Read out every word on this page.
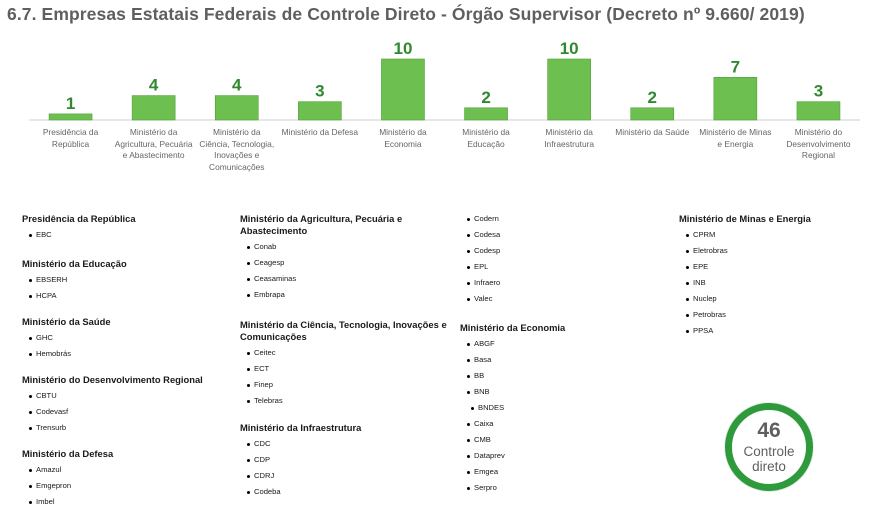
6.7. Empresas Estatais Federais de Controle Direto - Órgão Supervisor (Decreto nº 9.660/ 2019)
1
4	4	3
10
2
10
2
7
3
Presidência da
República
Ministério da
Agricultura, Pecuária
e Abastecimento
Ministério da
Ciência, Tecnologia,
Inovações e
Comunicações
Ministério da Defesa	Ministério da
Economia
Ministério da
Educação
Ministério da
Infraestrutura
Ministério da Saúde	Ministério de Minas
e Energia
Ministério do
Desenvolvimento
Regional
Presidência da República
EBC
Ministério da Educação
EBSERH
HCPA
Ministério da Saúde
GHC
Hemobrás
Ministério do Desenvolvimento Regional
CBTU
Codevasf
Trensurb
Ministério da Defesa
Amazul
Emgepron
Imbel
Ministério da Agricultura, Pecuária e Abastecimento
Conab
Ceagesp
Ceasaminas
Embrapa
Ministério da Ciência, Tecnologia, Inovações e Comunicações
Ceitec
ECT
Finep
Telebras
Ministério da Infraestrutura
CDC
CDP
CDRJ
Codeba
Codern
Codesa
Codesp
EPL
Infraero
Valec
Ministério da Economia
ABGF
Basa
BB
BNB
BNDES
Caixa
CMB
Dataprev
Emgea
Serpro
Ministério de Minas e Energia
CPRM
Eletrobras
EPE
INB
Nuclep
Petrobras
PPSA
46
Controle
direto
